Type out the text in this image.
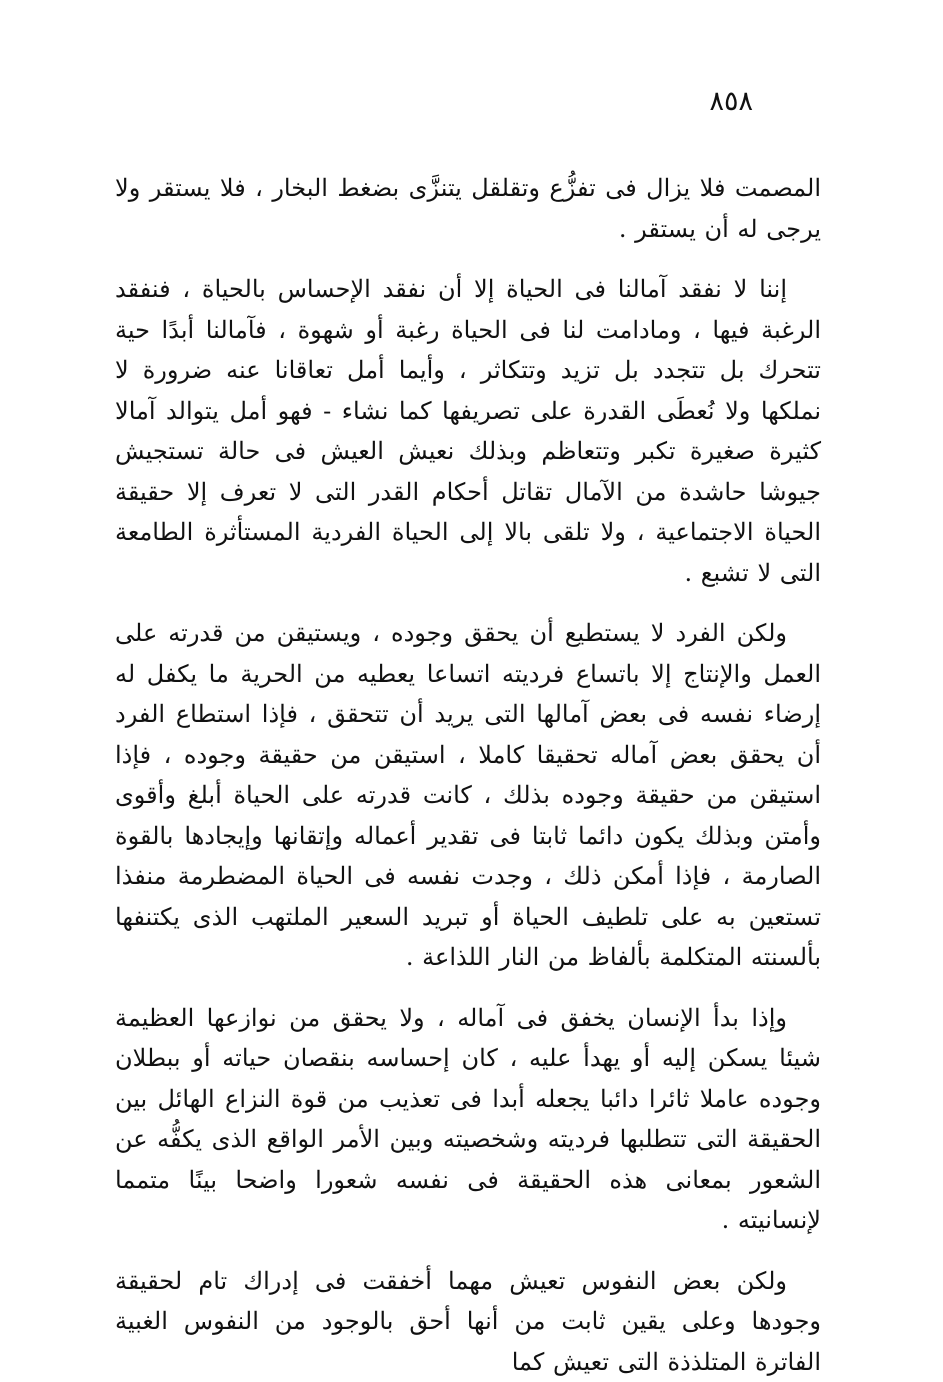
٨٥٨

المصمت فلا يزال فى تفزُّع وتقلقل يتنزَّى بضغط البخار ، فلا يستقر ولا يرجى له أن يستقر .

إننا لا نفقد آمالنا فى الحياة إلا أن نفقد الإحساس بالحياة ، فنفقد الرغبة فيها ، ومادامت لنا فى الحياة رغبة أو شهوة ، فآمالنا أبدًا حية تتحرك بل تتجدد بل تزيد وتتكاثر ، وأيما أمل تعاقانا عنه ضرورة لا نملكها ولا نُعطَى القدرة على تصريفها كما نشاء - فهو أمل يتوالد آمالا كثيرة صغيرة تكبر وتتعاظم وبذلك نعيش العيش فى حالة تستجيش جيوشا حاشدة من الآمال تقاتل أحكام القدر التى لا تعرف إلا حقيقة الحياة الاجتماعية ، ولا تلقى بالا إلى الحياة الفردية المستأثرة الطامعة التى لا تشبع .

ولكن الفرد لا يستطيع أن يحقق وجوده ، ويستيقن من قدرته على العمل والإنتاج إلا باتساع فرديته اتساعا يعطيه من الحرية ما يكفل له إرضاء نفسه فى بعض آمالها التى يريد أن تتحقق ، فإذا استطاع الفرد أن يحقق بعض آماله تحقيقا كاملا ، استيقن من حقيقة وجوده ، فإذا استيقن من حقيقة وجوده بذلك ، كانت قدرته على الحياة أبلغ وأقوى وأمتن وبذلك يكون دائما ثابتا فى تقدير أعماله وإتقانها وإيجادها بالقوة الصارمة ، فإذا أمكن ذلك ، وجدت نفسه فى الحياة المضطرمة منفذا تستعين به على تلطيف الحياة أو تبريد السعير الملتهب الذى يكتنفها بألسنته المتكلمة بألفاظ من النار اللذاعة .

وإذا بدأ الإنسان يخفق فى آماله ، ولا يحقق من نوازعها العظيمة شيئا يسكن إليه أو يهدأ عليه ، كان إحساسه بنقصان حياته أو ببطلان وجوده عاملا ثائرا دائبا يجعله أبدا فى تعذيب من قوة النزاع الهائل بين الحقيقة التى تتطلبها فرديته وشخصيته وبين الأمر الواقع الذى يكفُّه عن الشعور بمعانى هذه الحقيقة فى نفسه شعورا واضحا بينًا متمما لإنسانيته .

ولكن بعض النفوس تعيش مهما أخفقت فى إدراك تام لحقيقة وجودها وعلى يقين ثابت من أنها أحق بالوجود من النفوس الغبية الفاترة المتلذذة التى تعيش كما
